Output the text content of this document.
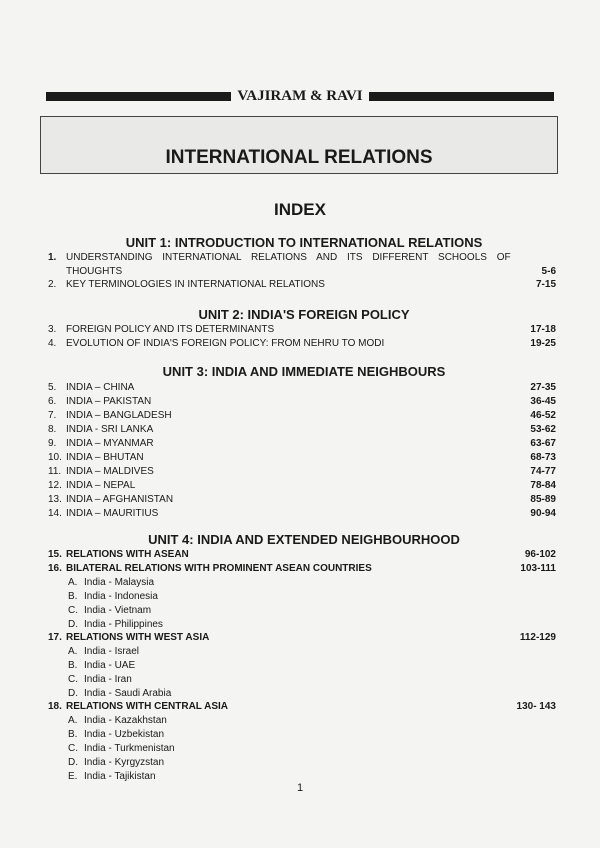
VAJIRAM & RAVI
INTERNATIONAL RELATIONS
INDEX
UNIT 1: INTRODUCTION TO INTERNATIONAL RELATIONS
1. UNDERSTANDING INTERNATIONAL RELATIONS AND ITS DIFFERENT SCHOOLS OF
THOUGHTS	5-6
2. KEY TERMINOLOGIES IN INTERNATIONAL RELATIONS	7-15
UNIT 2: INDIA'S FOREIGN POLICY
3. FOREIGN POLICY AND ITS DETERMINANTS	17-18
4. EVOLUTION OF INDIA'S FOREIGN POLICY: FROM NEHRU TO MODI	19-25
UNIT 3: INDIA AND IMMEDIATE NEIGHBOURS
5. INDIA – CHINA	27-35
6. INDIA – PAKISTAN	36-45
7. INDIA – BANGLADESH	46-52
8. INDIA - SRI LANKA	53-62
9. INDIA – MYANMAR	63-67
10. INDIA – BHUTAN	68-73
11. INDIA – MALDIVES	74-77
12. INDIA – NEPAL	78-84
13. INDIA – AFGHANISTAN	85-89
14. INDIA – MAURITIUS	90-94
UNIT 4: INDIA AND EXTENDED NEIGHBOURHOOD
15. RELATIONS WITH ASEAN	96-102
16. BILATERAL RELATIONS WITH PROMINENT ASEAN COUNTRIES	103-111
A. India - Malaysia
B. India - Indonesia
C. India - Vietnam
D. India - Philippines
17. RELATIONS WITH WEST ASIA	112-129
A. India - Israel
B. India - UAE
C. India - Iran
D. India - Saudi Arabia
18. RELATIONS WITH CENTRAL ASIA	130- 143
A. India - Kazakhstan
B. India - Uzbekistan
C. India - Turkmenistan
D. India - Kyrgyzstan
E. India - Tajikistan
1
